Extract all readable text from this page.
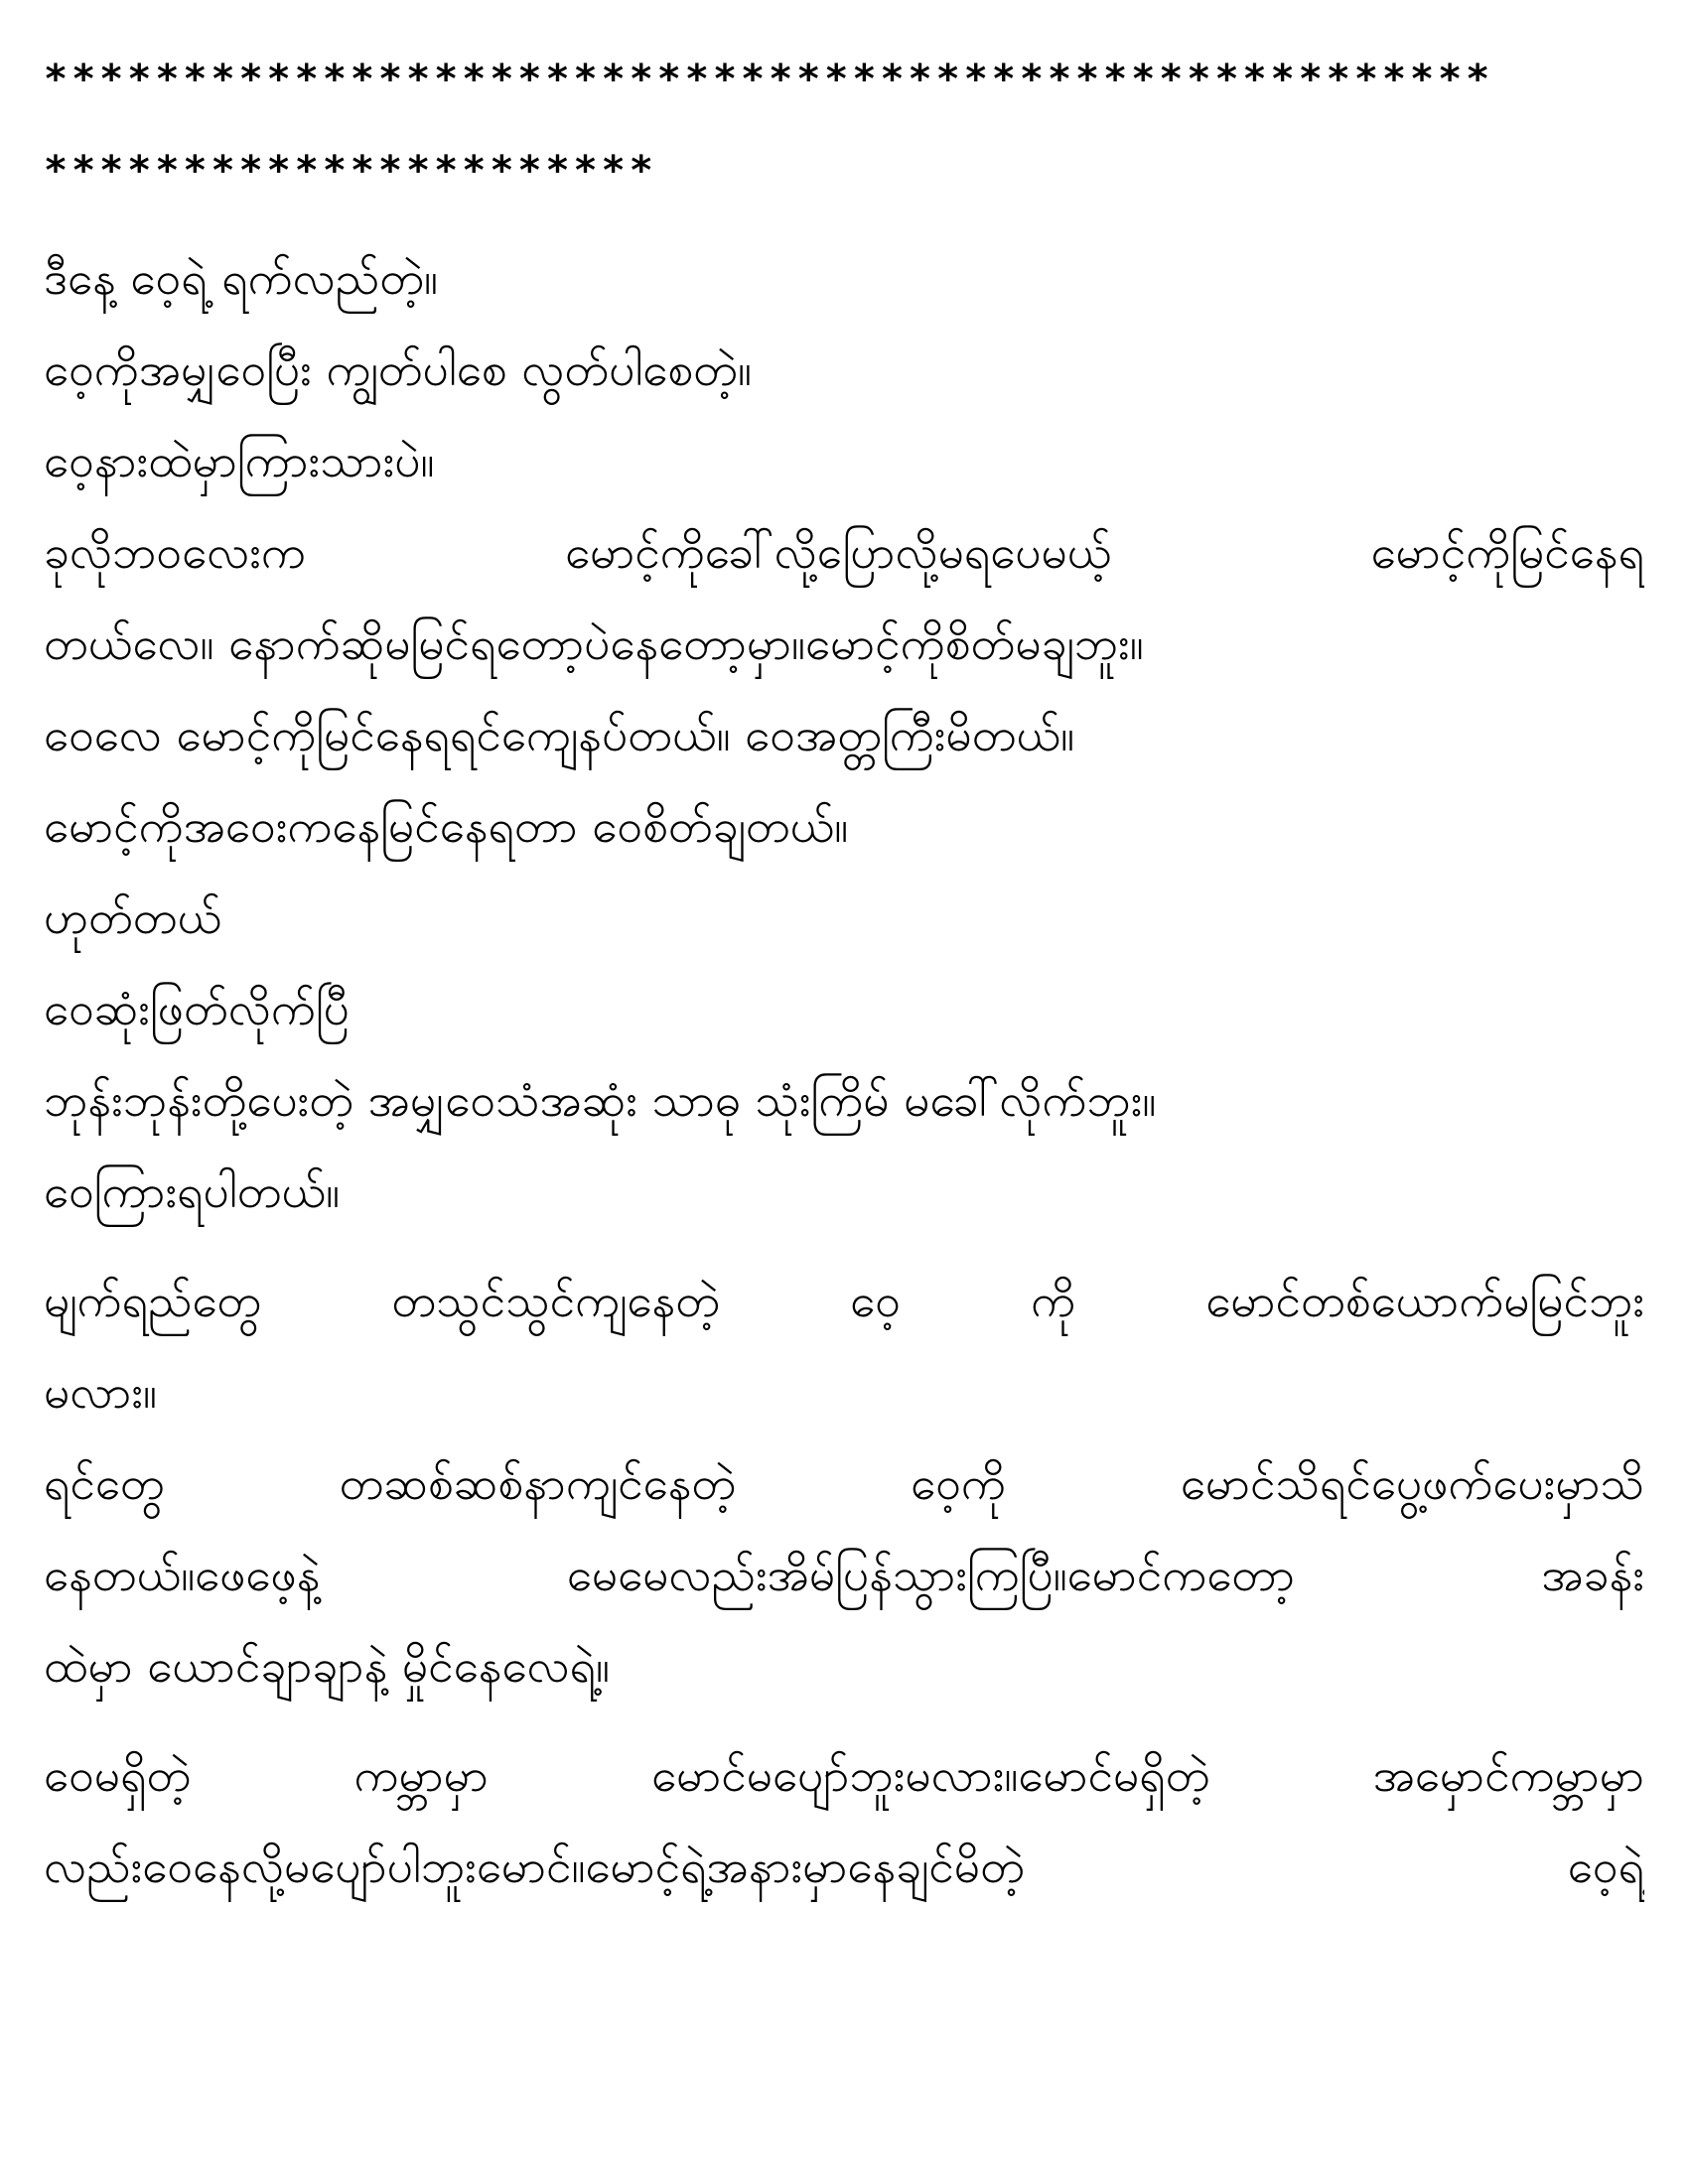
****************************************************
**********************
ဒီနေ့ ဝေ့ရဲ့ ရက်လည်တဲ့။
ဝေ့ကိုအမျှဝေပြီး ကျွတ်ပါစေ လွတ်ပါစေတဲ့။
ဝေ့နားထဲမှာကြားသားပဲ။
ခုလိုဘဝလေးက မောင့်ကိုခေါ်လို့ပြောလို့မရပေမယ့် မောင့်ကိုမြင်နေရ
တယ်လေ။ နောက်ဆိုမမြင်ရတော့ပဲနေတော့မှာ။မောင့်ကိုစိတ်မချဘူး။
ဝေလေ မောင့်ကိုမြင်နေရရင်ကျေနပ်တယ်။ ဝေအတ္တကြီးမိတယ်။
မောင့်ကိုအဝေးကနေမြင်နေရတာ ဝေစိတ်ချတယ်။
ဟုတ်တယ်
ဝေဆုံးဖြတ်လိုက်ပြီ
ဘုန်းဘုန်းတို့ပေးတဲ့ အမျှဝေသံအဆုံး သာဓု သုံးကြိမ် မခေါ်လိုက်ဘူး။
ဝေကြားရပါတယ်။
မျက်ရည်တွေ တသွင်သွင်ကျနေတဲ့ ဝေ့ ကို မောင်တစ်ယောက်မမြင်ဘူး
မလား။
ရင်တွေ တဆစ်ဆစ်နာကျင်နေတဲ့ ဝေ့ကို မောင်သိရင်ပွေ့ဖက်ပေးမှာသိ
နေတယ်။ဖေဖေ့နဲ့ မေမေလည်းအိမ်ပြန်သွားကြပြီ။မောင်ကတော့ အခန်း
ထဲမှာ ယောင်ချာချာနဲ့ မှိုင်နေလေရဲ့။
ဝေမရှိတဲ့ ကမ္ဘာမှာ မောင်မပျော်ဘူးမလား။မောင်မရှိတဲ့ အမှောင်ကမ္ဘာမှာ
လည်းဝေနေလို့မပျော်ပါဘူးမောင်။မောင့်ရဲ့အနားမှာနေချင်မိတဲ့ ဝေ့ရဲ့
